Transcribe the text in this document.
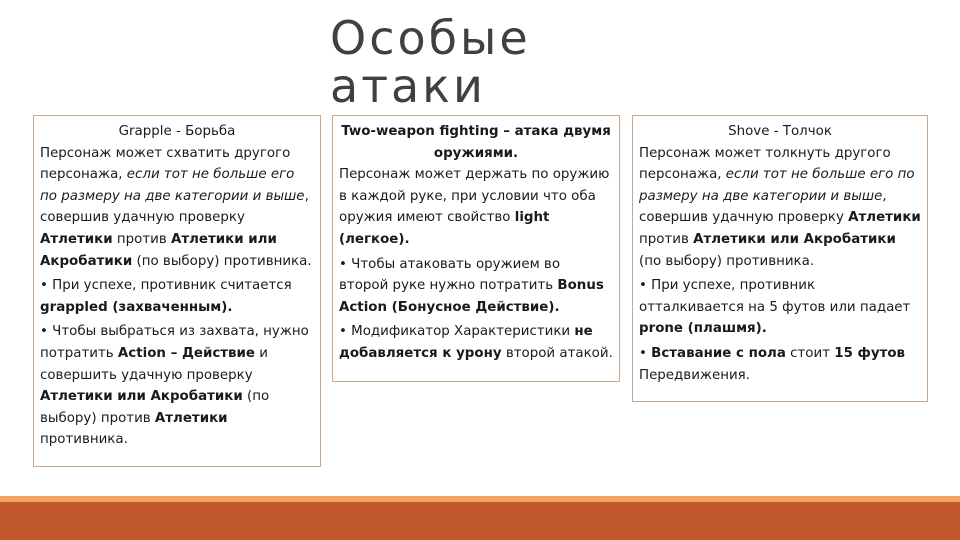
Особые
атаки

Grapple - Борьба

Персонаж может схватить другого персонажа, если тот не больше его по размеру на две категории и выше, совершив удачную проверку Атлетики против Атлетики или Акробатики (по выбору) противника.

• При успехе, противник считается grappled (захваченным).

• Чтобы выбраться из захвата, нужно потратить Action – Действие и совершить удачную проверку Атлетики или Акробатики (по выбору) против Атлетики противника.

Two-weapon fighting – атака двумя оружиями.

Персонаж может держать по оружию в каждой руке, при условии что оба оружия имеют свойство light (легкое).

• Чтобы атаковать оружием во второй руке нужно потратить Bonus Action (Бонусное Действие).

• Модификатор Характеристики не добавляется к урону второй атакой.

Shove - Толчок

Персонаж может толкнуть другого персонажа, если тот не больше его по размеру на две категории и выше, совершив удачную проверку Атлетики против Атлетики или Акробатики (по выбору) противника.

• При успехе, противник отталкивается на 5 футов или падает prone (плашмя).

• Вставание с пола стоит 15 футов Передвижения.
